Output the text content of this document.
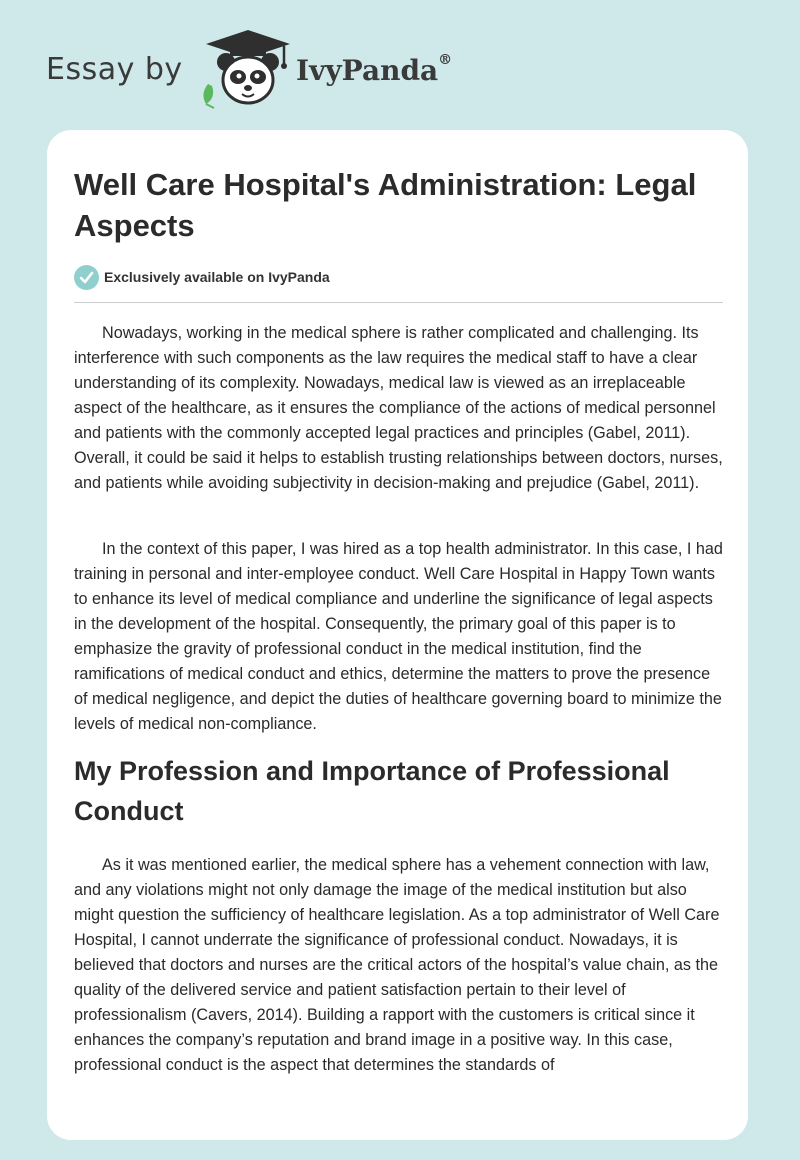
Essay by	IvyPanda®
Well Care Hospital's Administration: Legal Aspects
Exclusively available on IvyPanda

Nowadays, working in the medical sphere is rather complicated and challenging. Its interference with such components as the law requires the medical staff to have a clear understanding of its complexity. Nowadays, medical law is viewed as an irreplaceable aspect of the healthcare, as it ensures the compliance of the actions of medical personnel and patients with the commonly accepted legal practices and principles (Gabel, 2011). Overall, it could be said it helps to establish trusting relationships between doctors, nurses, and patients while avoiding subjectivity in decision-making and prejudice (Gabel, 2011).

In the context of this paper, I was hired as a top health administrator. In this case, I had training in personal and inter-employee conduct. Well Care Hospital in Happy Town wants to enhance its level of medical compliance and underline the significance of legal aspects in the development of the hospital. Consequently, the primary goal of this paper is to emphasize the gravity of professional conduct in the medical institution, find the ramifications of medical conduct and ethics, determine the matters to prove the presence of medical negligence, and depict the duties of healthcare governing board to minimize the levels of medical non-compliance.

My Profession and Importance of Professional Conduct

As it was mentioned earlier, the medical sphere has a vehement connection with law, and any violations might not only damage the image of the medical institution but also might question the sufficiency of healthcare legislation. As a top administrator of Well Care Hospital, I cannot underrate the significance of professional conduct. Nowadays, it is believed that doctors and nurses are the critical actors of the hospital’s value chain, as the quality of the delivered service and patient satisfaction pertain to their level of professionalism (Cavers, 2014). Building a rapport with the customers is critical since it enhances the company’s reputation and brand image in a positive way. In this case, professional conduct is the aspect that determines the standards of
